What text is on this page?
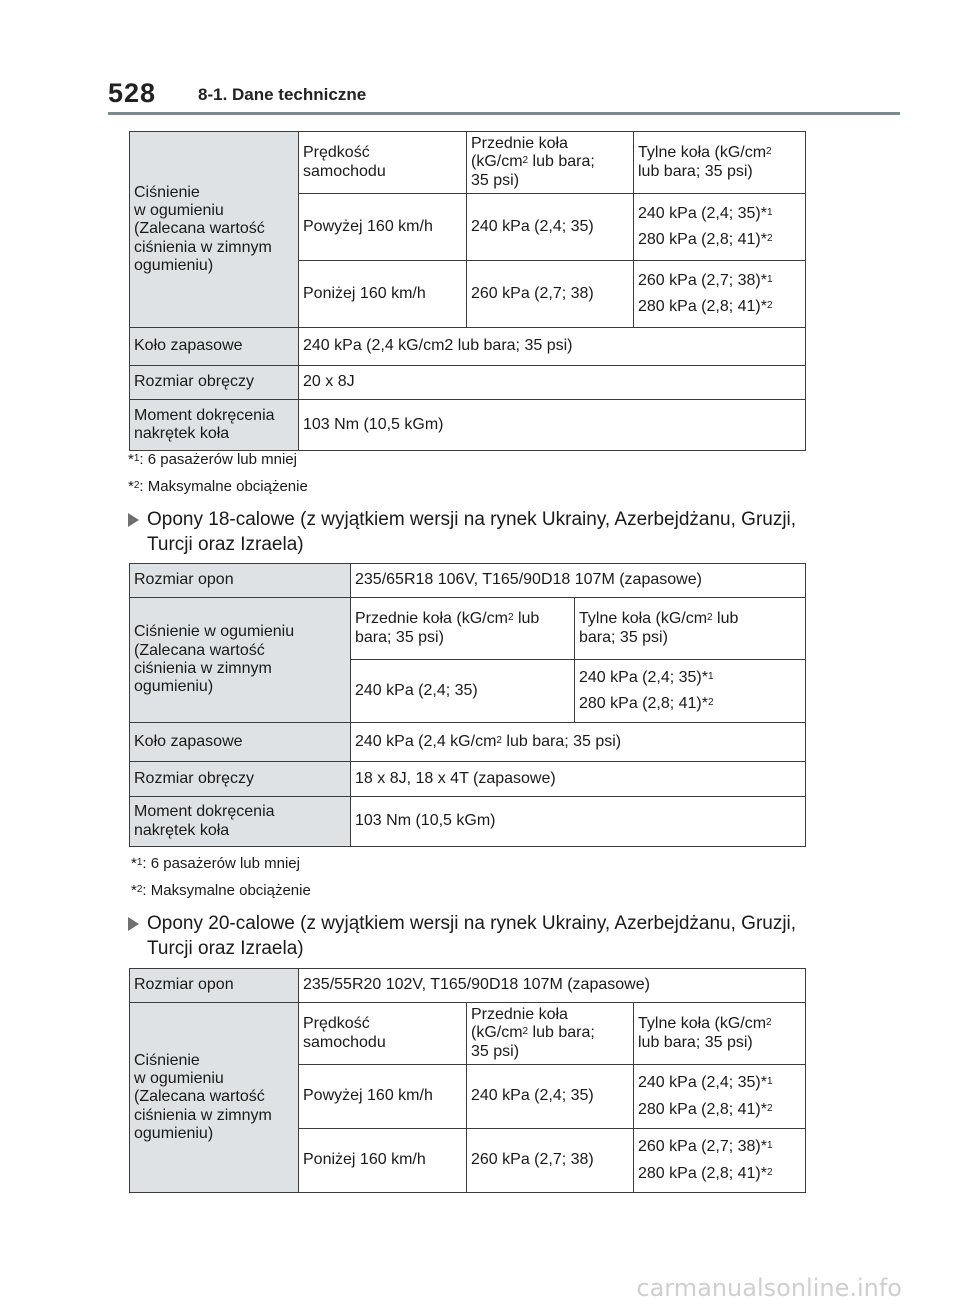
528 8-1. Dane techniczne
Ciśnienie
w ogumieniu
(Zalecana wartość
ciśnienia w zimnym
ogumieniu)	Prędkość
samochodu	Przednie koła
($kG/cm^2$ lub bara;
35 psi)	Tylne koła ($kG/cm^2$
lub bara; 35 psi)
	Powyżej 160 km/h	240 kPa (2,4; 35)	240 kPa (2,4; 35)*$^1$
280 kPa (2,8; 41)*$^2$

	Poniżej 160 km/h	260 kPa (2,7; 38)	260 kPa (2,7; 38)*$^1$
280 kPa (2,8; 41)*$^2$

Koło zapasowe	240 kPa (2,4 kG/cm2 lub bara; 35 psi)		
Rozmiar obręczy	20 x 8J		
Moment dokręcenia
nakrętek koła	103 Nm (10,5 kGm)		
*$^1$: 6 pasażerów lub mniej
*$^2$: Maksymalne obciążenie
Opony 18-calowe (z wyjątkiem wersji na rynek Ukrainy, Azerbejdżanu, Gruzji, Turcji oraz Izraela)
Rozmiar opon	235/65R18 106V, T165/90D18 107M (zapasowe)	
Ciśnienie w ogumieniu
(Zalecana wartość
ciśnienia w zimnym
ogumieniu)	Przednie koła ($kG/cm^2$ lub
bara; 35 psi)	Tylne koła ($kG/cm^2$ lub
bara; 35 psi)
	240 kPa (2,4; 35)	240 kPa (2,4; 35)*$^1$
280 kPa (2,8; 41)*$^2$

Koło zapasowe	240 kPa (2,4 $kG/cm^2$ lub bara; 35 psi)	
Rozmiar obręczy	18 x 8J, 18 x 4T (zapasowe)	
Moment dokręcenia
nakrętek koła	103 Nm (10,5 kGm)	
*$^1$: 6 pasażerów lub mniej
*$^2$: Maksymalne obciążenie
Opony 20-calowe (z wyjątkiem wersji na rynek Ukrainy, Azerbejdżanu, Gruzji, Turcji oraz Izraela)
Rozmiar opon	235/55R20 102V, T165/90D18 107M (zapasowe)		
Ciśnienie
w ogumieniu
(Zalecana wartość
ciśnienia w zimnym
ogumieniu)	Prędkość
samochodu	Przednie koła
($kG/cm^2$ lub bara;
35 psi)	Tylne koła ($kG/cm^2$
lub bara; 35 psi)
	Powyżej 160 km/h	240 kPa (2,4; 35)	240 kPa (2,4; 35)*$^1$
280 kPa (2,8; 41)*$^2$

	Poniżej 160 km/h	260 kPa (2,7; 38)	260 kPa (2,7; 38)*$^1$
280 kPa (2,8; 41)*$^2$
carmanualsonline.info
